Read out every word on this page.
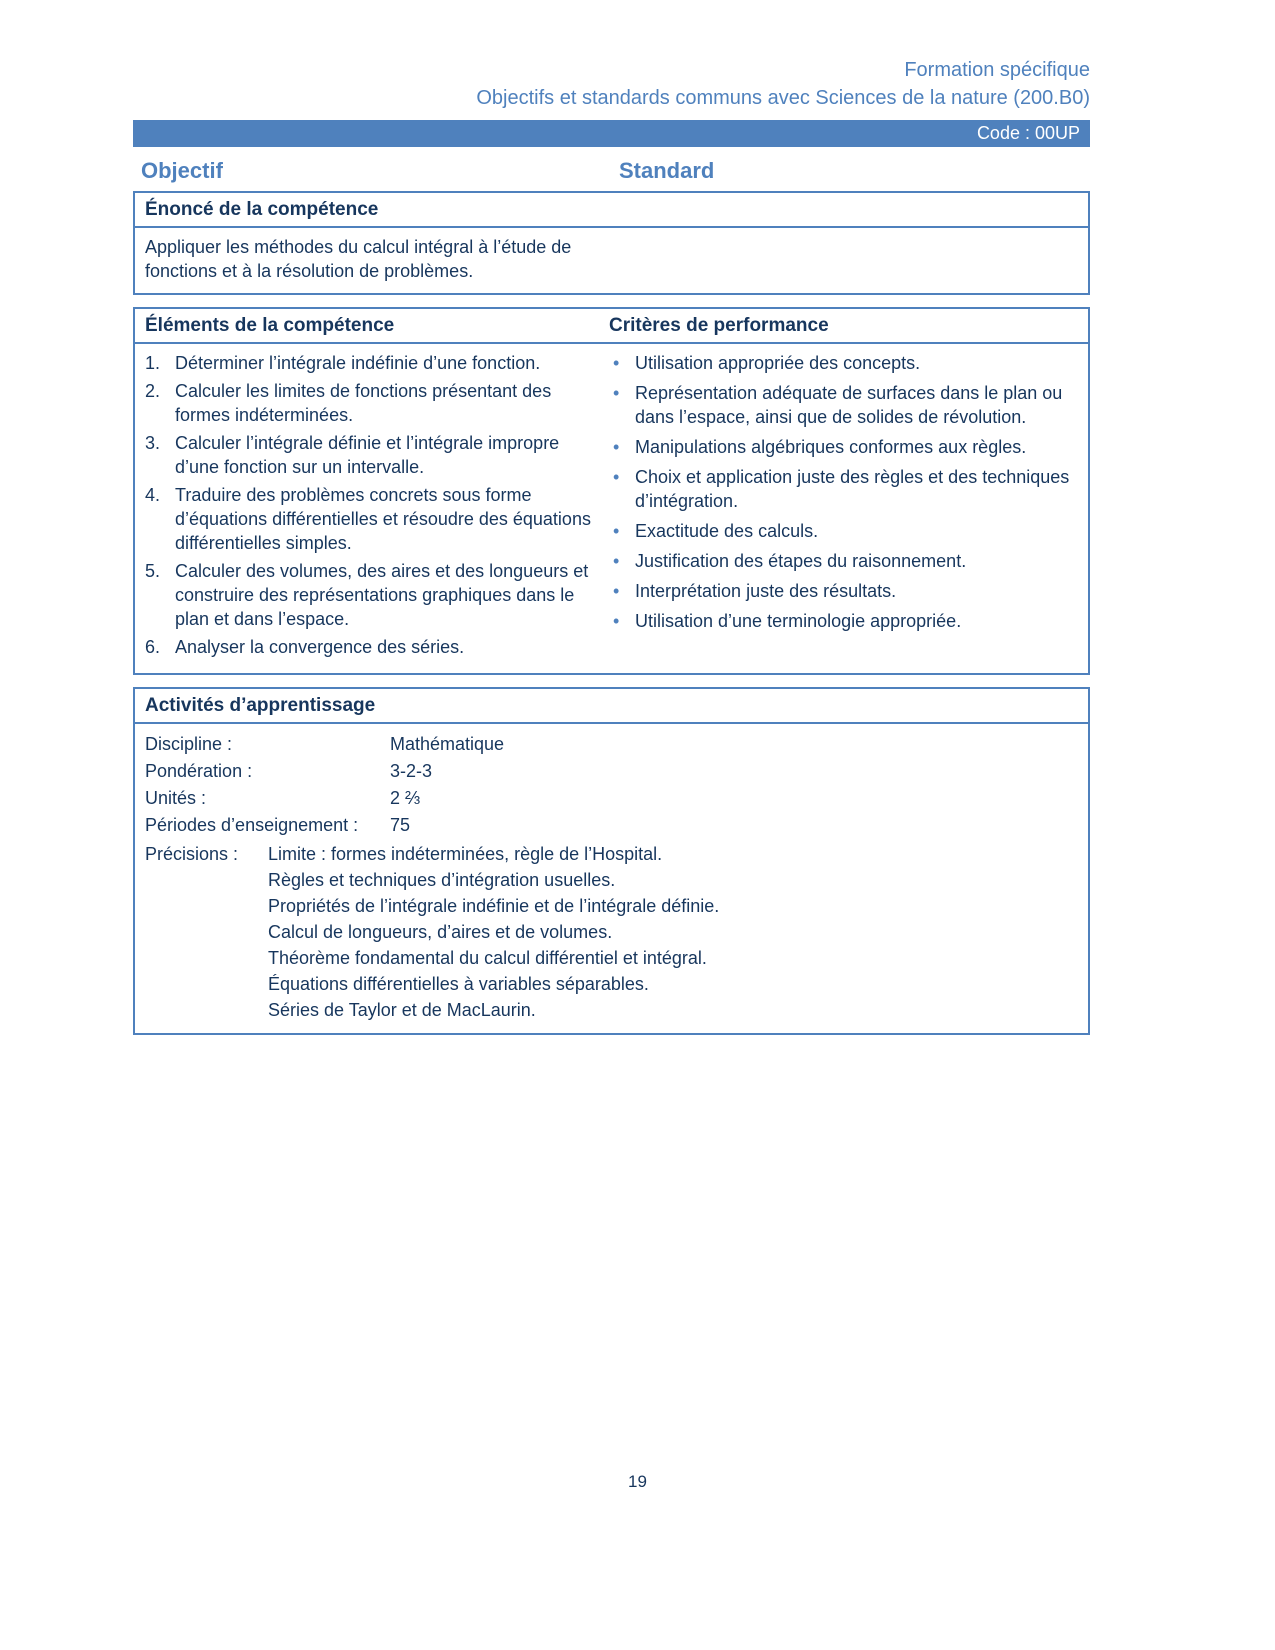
Formation spécifique
Objectifs et standards communs avec Sciences de la nature (200.B0)
Code : 00UP
Objectif	Standard
Énoncé de la compétence
Appliquer les méthodes du calcul intégral à l’étude de fonctions et à la résolution de problèmes.
Éléments de la compétence	Critères de performance
1. Déterminer l’intégrale indéfinie d’une fonction.
2. Calculer les limites de fonctions présentant des formes indéterminées.
3. Calculer l’intégrale définie et l’intégrale impropre d’une fonction sur un intervalle.
4. Traduire des problèmes concrets sous forme d’équations différentielles et résoudre des équations différentielles simples.
5. Calculer des volumes, des aires et des longueurs et construire des représentations graphiques dans le plan et dans l’espace.
6. Analyser la convergence des séries.
• Utilisation appropriée des concepts.
• Représentation adéquate de surfaces dans le plan ou dans l’espace, ainsi que de solides de révolution.
• Manipulations algébriques conformes aux règles.
• Choix et application juste des règles et des techniques d’intégration.
• Exactitude des calculs.
• Justification des étapes du raisonnement.
• Interprétation juste des résultats.
• Utilisation d’une terminologie appropriée.
Activités d’apprentissage
Discipline :	Mathématique
Pondération :	3-2-3
Unités :	2 ⅔
Périodes d’enseignement :	75
Précisions :	Limite : formes indéterminées, règle de l’Hospital.
Règles et techniques d’intégration usuelles.
Propriétés de l’intégrale indéfinie et de l’intégrale définie.
Calcul de longueurs, d’aires et de volumes.
Théorème fondamental du calcul différentiel et intégral.
Équations différentielles à variables séparables.
Séries de Taylor et de MacLaurin.
19
